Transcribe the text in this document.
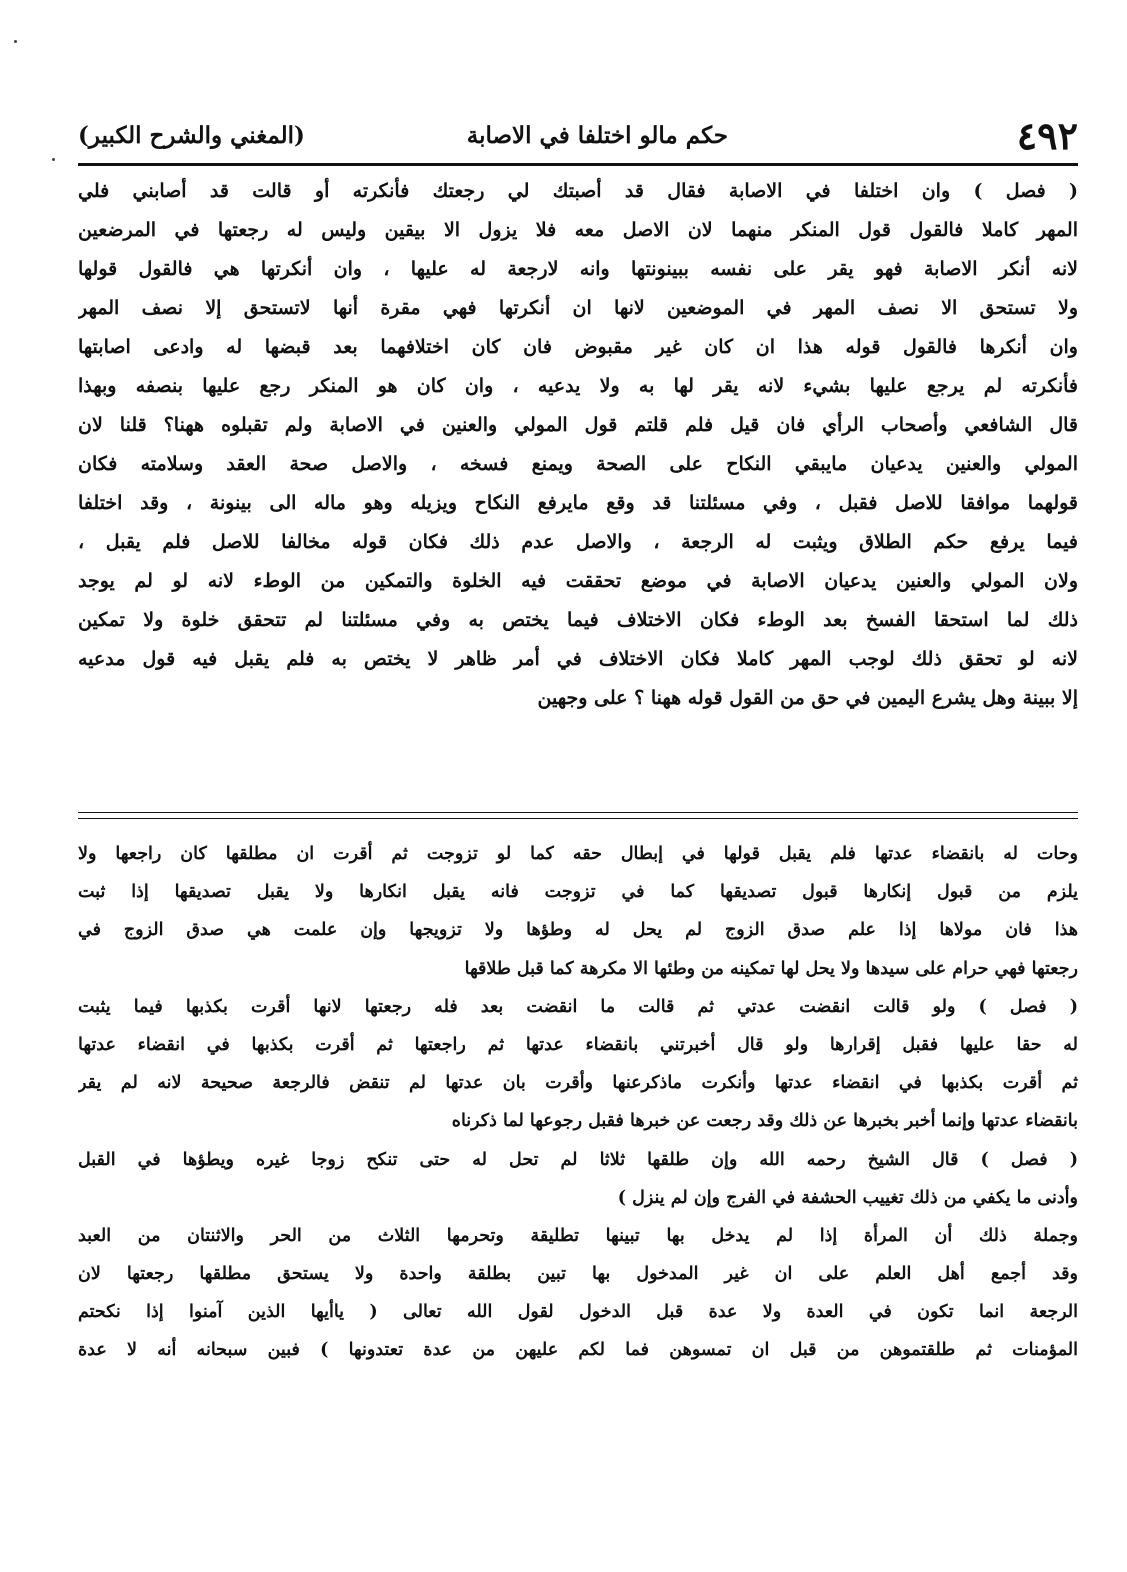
٤٩٢
حكم مالو اختلفا في الاصابة
(المغني والشرح الكبير)
( فصل ) وان اختلفا في الاصابة فقال قد أصبتك لي رجعتك فأنكرته أو قالت قد أصابني فلي
المهر كاملا فالقول قول المنكر منهما لان الاصل معه فلا يزول الا بيقين وليس له رجعتها في المرضعين
لانه أنكر الاصابة فهو يقر على نفسه ببينونتها وانه لارجعة له عليها ، وان أنكرتها هي فالقول قولها
ولا تستحق الا نصف المهر في الموضعين لانها ان أنكرتها فهي مقرة أنها لاتستحق إلا نصف المهر
وان أنكرها فالقول قوله هذا ان كان غير مقبوض فان كان اختلافهما بعد قبضها له وادعى اصابتها
فأنكرته لم يرجع عليها بشيء لانه يقر لها به ولا يدعيه ، وان كان هو المنكر رجع عليها بنصفه وبهذا
قال الشافعي وأصحاب الرأي فان قيل فلم قلتم قول المولي والعنين في الاصابة ولم تقبلوه ههنا؟ قلنا لان
المولي والعنين يدعيان مايبقي النكاح على الصحة ويمنع فسخه ، والاصل صحة العقد وسلامته فكان
قولهما موافقا للاصل فقبل ، وفي مسئلتنا قد وقع مايرفع النكاح ويزيله وهو ماله الى بينونة ، وقد اختلفا
فيما يرفع حكم الطلاق ويثبت له الرجعة ، والاصل عدم ذلك فكان قوله مخالفا للاصل فلم يقبل ،
ولان المولي والعنين يدعيان الاصابة في موضع تحققت فيه الخلوة والتمكين من الوطء لانه لو لم يوجد
ذلك لما استحقا الفسخ بعد الوطء فكان الاختلاف فيما يختص به وفي مسئلتنا لم تتحقق خلوة ولا تمكين
لانه لو تحقق ذلك لوجب المهر كاملا فكان الاختلاف في أمر ظاهر لا يختص به فلم يقبل فيه قول مدعيه
إلا ببينة وهل يشرع اليمين في حق من القول قوله ههنا ؟ على وجهين
وحات له بانقضاء عدتها فلم يقبل قولها في إبطال حقه كما لو تزوجت ثم أقرت ان مطلقها كان راجعها ولا
يلزم من قبول إنكارها قبول تصديقها كما في تزوجت فانه يقبل انكارها ولا يقبل تصديقها إذا ثبت
هذا فان مولاها إذا علم صدق الزوج لم يحل له وطؤها ولا تزويجها وإن علمت هي صدق الزوج في
رجعتها فهي حرام على سيدها ولا يحل لها تمكينه من وطئها الا مكرهة كما قبل طلاقها
( فصل ) ولو قالت انقضت عدتي ثم قالت ما انقضت بعد فله رجعتها لانها أقرت بكذبها فيما يثبت
له حقا عليها فقبل إقرارها ولو قال أخبرتني بانقضاء عدتها ثم راجعتها ثم أقرت بكذبها في انقضاء عدتها
ثم أقرت بكذبها في انقضاء عدتها وأنكرت ماذكرعنها وأقرت بان عدتها لم تنقض فالرجعة صحيحة لانه لم يقر
بانقضاء عدتها وإنما أخبر بخبرها عن ذلك وقد رجعت عن خبرها فقبل رجوعها لما ذكرناه
( فصل ) قال الشيخ رحمه الله وإن طلقها ثلاثا لم تحل له حتى تنكح زوجا غيره ويطؤها في القبل
وأدنى ما يكفي من ذلك تغييب الحشفة في الفرج وإن لم ينزل )
وجملة ذلك أن المرأة إذا لم يدخل بها تبينها تطليقة وتحرمها الثلاث من الحر والاثنتان من العبد
وقد أجمع أهل العلم على ان غير المدخول بها تبين بطلقة واحدة ولا يستحق مطلقها رجعتها لان
الرجعة انما تكون في العدة ولا عدة قبل الدخول لقول الله تعالى ( ياأيها الذين آمنوا إذا نكحتم
المؤمنات ثم طلقتموهن من قبل ان تمسوهن فما لكم عليهن من عدة تعتدونها ) فبين سبحانه أنه لا عدة
